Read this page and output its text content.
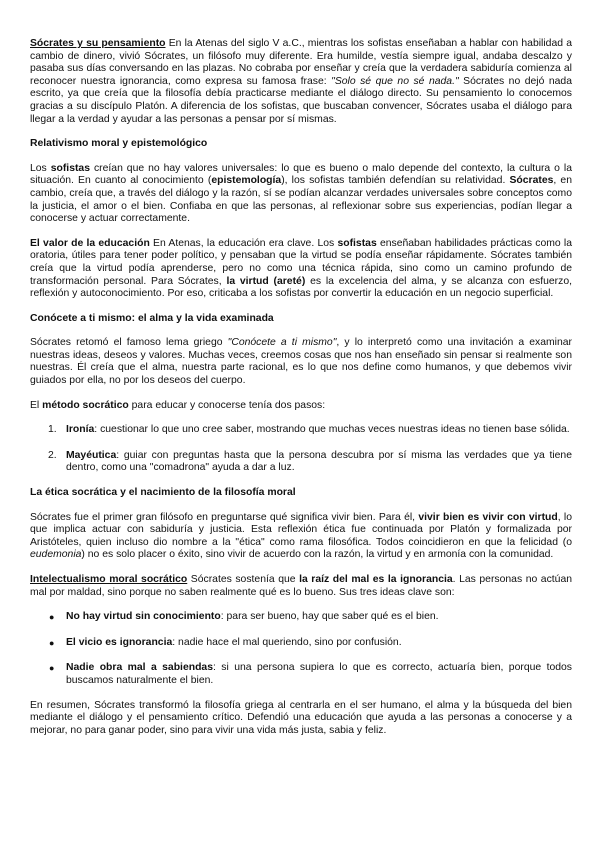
Sócrates y su pensamiento En la Atenas del siglo V a.C., mientras los sofistas enseñaban a hablar con habilidad a cambio de dinero, vivió Sócrates, un filósofo muy diferente. Era humilde, vestía siempre igual, andaba descalzo y pasaba sus días conversando en las plazas. No cobraba por enseñar y creía que la verdadera sabiduría comienza al reconocer nuestra ignorancia, como expresa su famosa frase: "Solo sé que no sé nada." Sócrates no dejó nada escrito, ya que creía que la filosofía debía practicarse mediante el diálogo directo. Su pensamiento lo conocemos gracias a su discípulo Platón. A diferencia de los sofistas, que buscaban convencer, Sócrates usaba el diálogo para llegar a la verdad y ayudar a las personas a pensar por sí mismas.

Relativismo moral y epistemológico

Los sofistas creían que no hay valores universales: lo que es bueno o malo depende del contexto, la cultura o la situación. En cuanto al conocimiento (epistemología), los sofistas también defendían su relatividad. Sócrates, en cambio, creía que, a través del diálogo y la razón, sí se podían alcanzar verdades universales sobre conceptos como la justicia, el amor o el bien. Confiaba en que las personas, al reflexionar sobre sus experiencias, podían llegar a conocerse y actuar correctamente.

El valor de la educación En Atenas, la educación era clave. Los sofistas enseñaban habilidades prácticas como la oratoria, útiles para tener poder político, y pensaban que la virtud se podía enseñar rápidamente. Sócrates también creía que la virtud podía aprenderse, pero no como una técnica rápida, sino como un camino profundo de transformación personal. Para Sócrates, la virtud (areté) es la excelencia del alma, y se alcanza con esfuerzo, reflexión y autoconocimiento. Por eso, criticaba a los sofistas por convertir la educación en un negocio superficial.

Conócete a ti mismo: el alma y la vida examinada

Sócrates retomó el famoso lema griego "Conócete a ti mismo", y lo interpretó como una invitación a examinar nuestras ideas, deseos y valores. Muchas veces, creemos cosas que nos han enseñado sin pensar si realmente son nuestras. Él creía que el alma, nuestra parte racional, es lo que nos define como humanos, y que debemos vivir guiados por ella, no por los deseos del cuerpo.

El método socrático para educar y conocerse tenía dos pasos:

1. Ironía: cuestionar lo que uno cree saber, mostrando que muchas veces nuestras ideas no tienen base sólida.
2. Mayéutica: guiar con preguntas hasta que la persona descubra por sí misma las verdades que ya tiene dentro, como una "comadrona" ayuda a dar a luz.
La ética socrática y el nacimiento de la filosofía moral

Sócrates fue el primer gran filósofo en preguntarse qué significa vivir bien. Para él, vivir bien es vivir con virtud, lo que implica actuar con sabiduría y justicia. Esta reflexión ética fue continuada por Platón y formalizada por Aristóteles, quien incluso dio nombre a la "ética" como rama filosófica. Todos coincidieron en que la felicidad (o eudemonia) no es solo placer o éxito, sino vivir de acuerdo con la razón, la virtud y en armonía con la comunidad.

Intelectualismo moral socrático Sócrates sostenía que la raíz del mal es la ignorancia. Las personas no actúan mal por maldad, sino porque no saben realmente qué es lo bueno. Sus tres ideas clave son:

● No hay virtud sin conocimiento: para ser bueno, hay que saber qué es el bien.
● El vicio es ignorancia: nadie hace el mal queriendo, sino por confusión.
● Nadie obra mal a sabiendas: si una persona supiera lo que es correcto, actuaría bien, porque todos buscamos naturalmente el bien.

En resumen, Sócrates transformó la filosofía griega al centrarla en el ser humano, el alma y la búsqueda del bien mediante el diálogo y el pensamiento crítico. Defendió una educación que ayuda a las personas a conocerse y a mejorar, no para ganar poder, sino para vivir una vida más justa, sabia y feliz.
